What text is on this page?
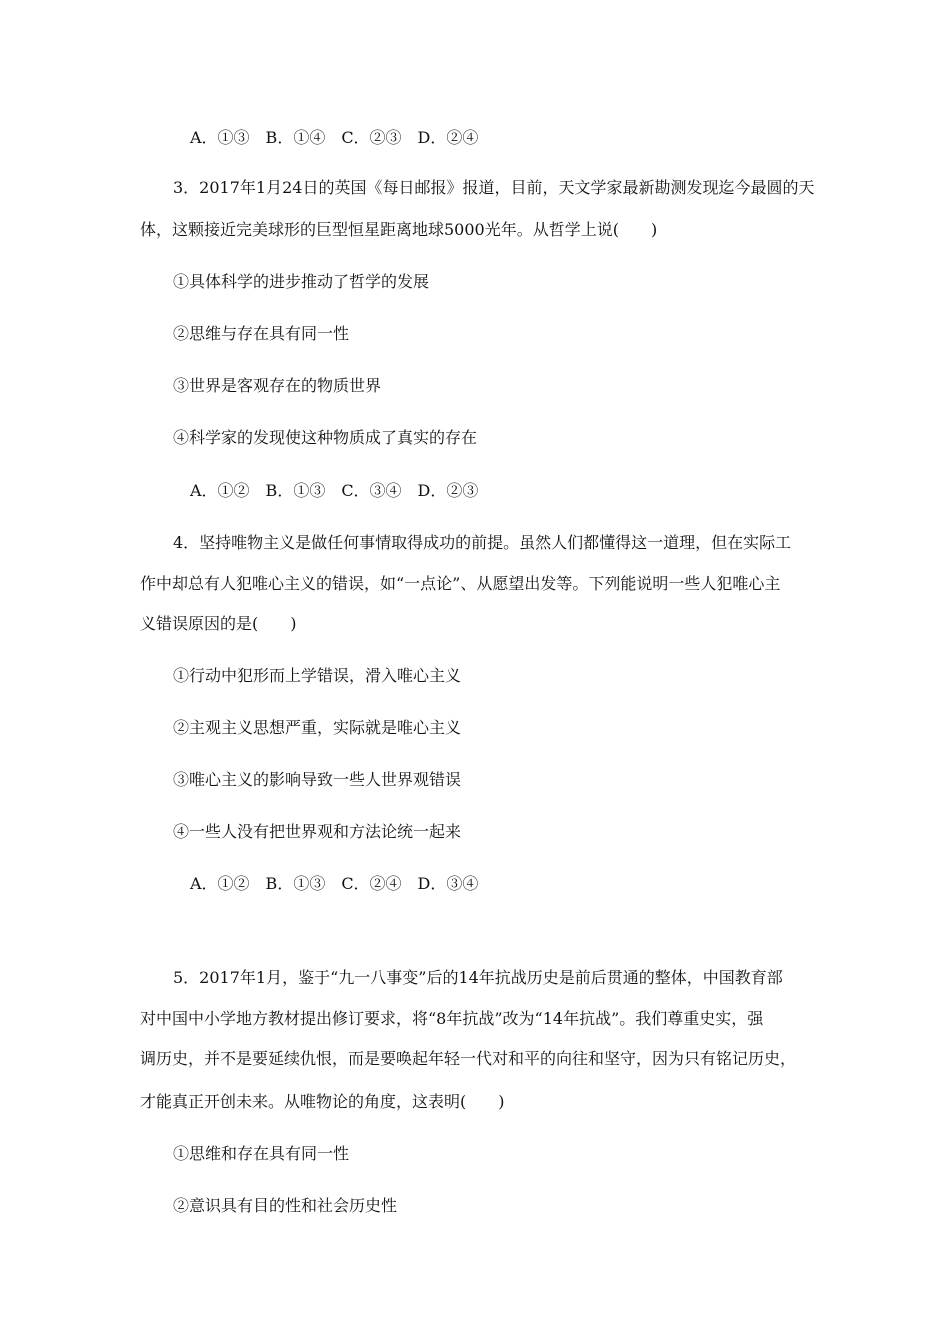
A．①③　B．①④　C．②③　D．②④
3．2017年1月24日的英国《每日邮报》报道，目前，天文学家最新勘测发现迄今最圆的天
体，这颗接近完美球形的巨型恒星距离地球5000光年。从哲学上说(　　)
①具体科学的进步推动了哲学的发展
②思维与存在具有同一性
③世界是客观存在的物质世界
④科学家的发现使这种物质成了真实的存在
A．①②　B．①③　C．③④　D．②③
4．坚持唯物主义是做任何事情取得成功的前提。虽然人们都懂得这一道理，但在实际工
作中却总有人犯唯心主义的错误，如“一点论”、从愿望出发等。下列能说明一些人犯唯心主
义错误原因的是(　　)
①行动中犯形而上学错误，滑入唯心主义
②主观主义思想严重，实际就是唯心主义
③唯心主义的影响导致一些人世界观错误
④一些人没有把世界观和方法论统一起来
A．①②　B．①③　C．②④　D．③④
5．2017年1月，鉴于“九一八事变”后的14年抗战历史是前后贯通的整体，中国教育部
对中国中小学地方教材提出修订要求，将“8年抗战”改为“14年抗战”。我们尊重史实，强
调历史，并不是要延续仇恨，而是要唤起年轻一代对和平的向往和坚守，因为只有铭记历史，
才能真正开创未来。从唯物论的角度，这表明(　　)
①思维和存在具有同一性
②意识具有目的性和社会历史性
